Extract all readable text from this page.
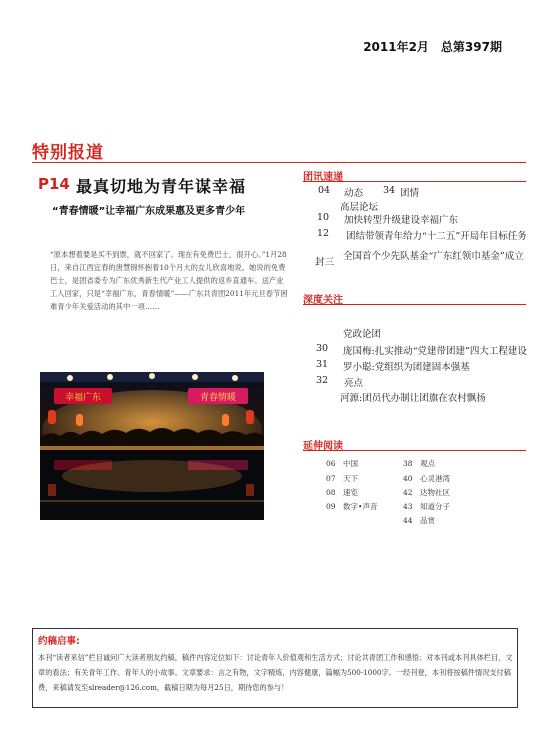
2011年2月　总第397期
特别报道
P14 最真切地为青年谋幸福
“青春情暖”让幸福广东成果惠及更多青少年
“原本想着要是买不到票，就不回家了。现在有免费巴士，很开心。”1月28日，来自江西宜春的唐慧锦怀抱着10个月大的女儿欣喜地说。她说的免费巴士，是团省委专为广东优秀新生代产业工人提供的返乡直通车。送产业工人回家，只是“幸福广东，青春情暖”——广东共青团2011年元旦春节困难青少年关爱活动的其中一项……
幸福广东	青春情暖
团讯速递
04 动态 34 团情
高层论坛
10 加快转型升级建设幸福广东
12 团结带领青年给力“十二五”开局年目标任务
封三
全国首个少先队基金“广东红领巾基金”成立
深度关注
党政论团
30 庞国梅:扎实推动“党建带团建”四大工程建设
31 罗小聪:党组织为团建固本强基
32 亮点
河源:团员代办制让团旗在农村飘扬
延伸阅读
06　 中国
07　 天下
08　 速览
09　 数字•声音
38　 观点
40　 心灵港湾
42　 达物社区
43　 知道分子
44　 品赏
约稿启事:
本刊“读者来信”栏目诚问广大读者朋友约稿，稿件内容定位如下：讨论青年人价值观和生活方式；讨论共青团工作和感悟；对本刊或本刊具体栏目、文章的看法；有关青年工作、青年人的小故事。文章要求：言之有物，文字精炼，内容健康，篇幅为500-1000字。一经刊登，本刊将按稿件情况支付稿费，来稿请发至slreader@126.com，截稿日期为每月25日，期待您的参与！
